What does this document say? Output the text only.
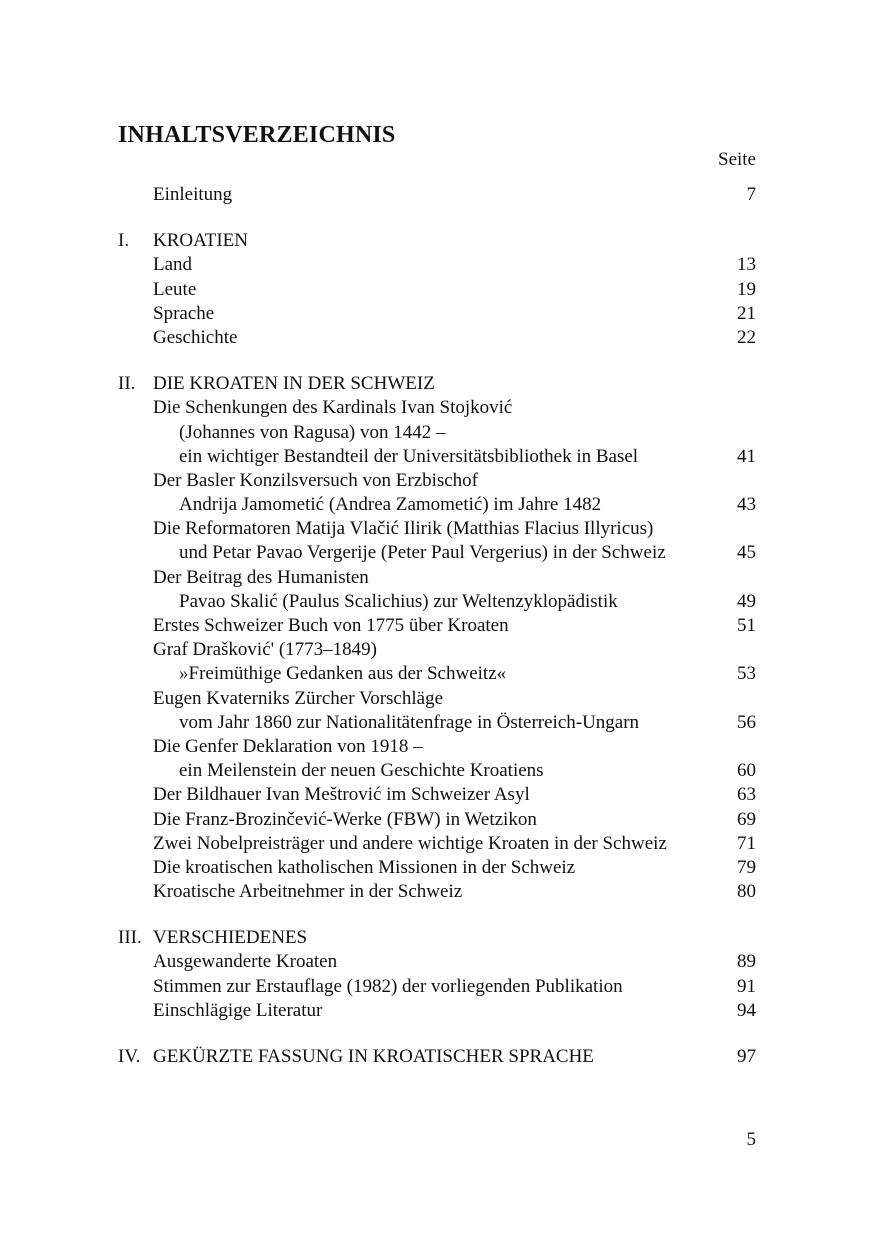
INHALTSVERZEICHNIS
Seite
Einleitung	7
I. KROATIEN
Land	13
Leute	19
Sprache	21
Geschichte	22
II. DIE KROATEN IN DER SCHWEIZ
Die Schenkungen des Kardinals Ivan Stojković
(Johannes von Ragusa) von 1442 –
ein wichtiger Bestandteil der Universitätsbibliothek in Basel	41
Der Basler Konzilsversuch von Erzbischof
Andrija Jamometić (Andrea Zamometić) im Jahre 1482	43
Die Reformatoren Matija Vlačić Ilirik (Matthias Flacius Illyricus)
und Petar Pavao Vergerije (Peter Paul Vergerius) in der Schweiz	45
Der Beitrag des Humanisten
Pavao Skalić (Paulus Scalichius) zur Weltenzyklopädistik	49
Erstes Schweizer Buch von 1775 über Kroaten	51
Graf Drašković' (1773–1849)
»Freimüthige Gedanken aus der Schweitz«	53
Eugen Kvaterniks Zürcher Vorschläge
vom Jahr 1860 zur Nationalitätenfrage in Österreich-Ungarn	56
Die Genfer Deklaration von 1918 –
ein Meilenstein der neuen Geschichte Kroatiens	60
Der Bildhauer Ivan Meštrović im Schweizer Asyl	63
Die Franz-Brozinčević-Werke (FBW) in Wetzikon	69
Zwei Nobelpreisträger und andere wichtige Kroaten in der Schweiz	71
Die kroatischen katholischen Missionen in der Schweiz	79
Kroatische Arbeitnehmer in der Schweiz	80
III. VERSCHIEDENES
Ausgewanderte Kroaten	89
Stimmen zur Erstauflage (1982) der vorliegenden Publikation	91
Einschlägige Literatur	94
IV. GEKÜRZTE FASSUNG IN KROATISCHER SPRACHE	97
5
